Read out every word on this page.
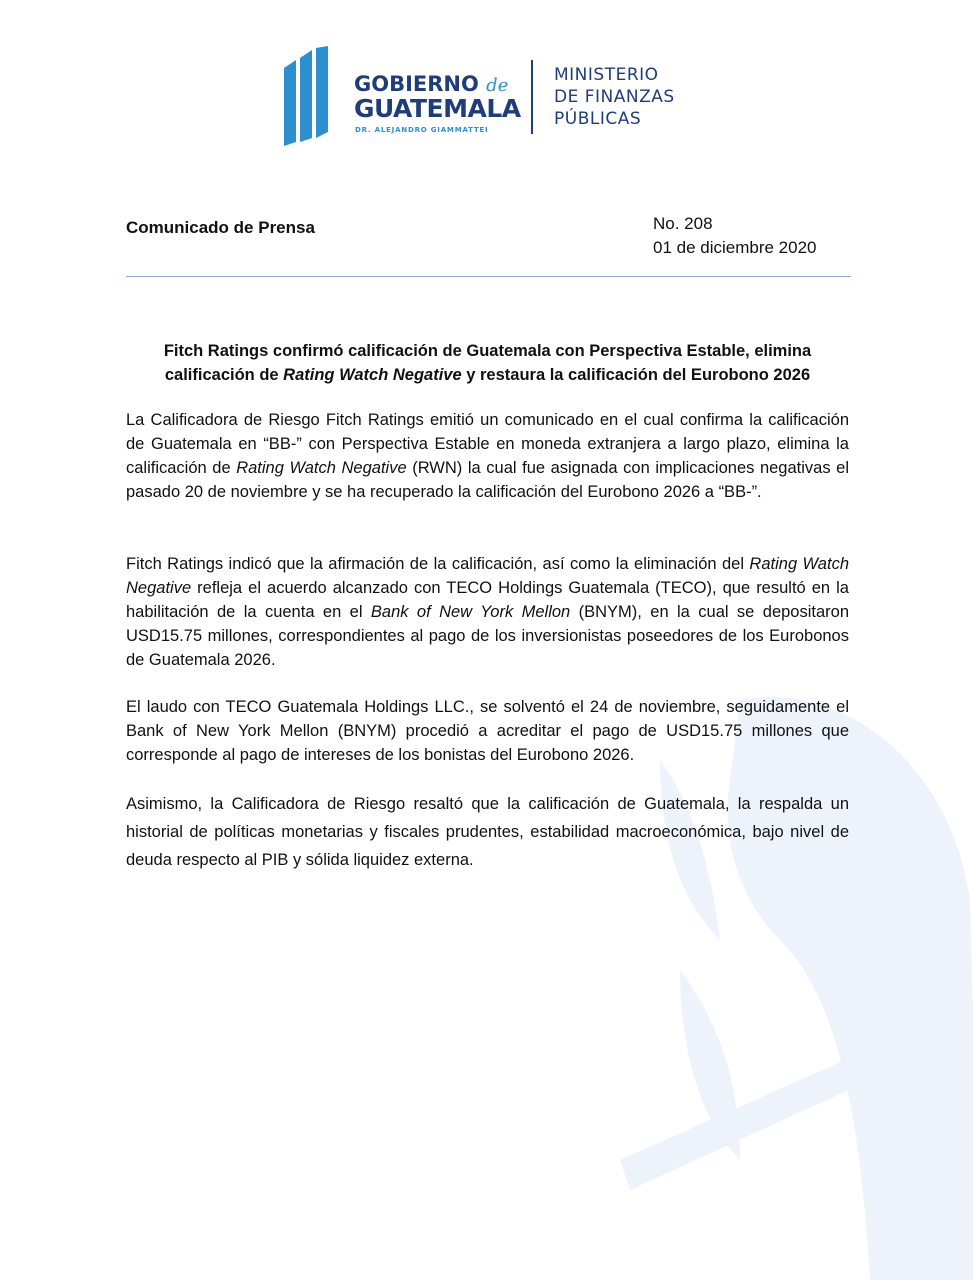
GOBIERNO de
GUATEMALA
DR. ALEJANDRO GIAMMATTEI
MINISTERIO
DE FINANZAS
PÚBLICAS
Comunicado de Prensa	No. 208
01 de diciembre 2020
Fitch Ratings confirmó calificación de Guatemala con Perspectiva Estable, elimina calificación de Rating Watch Negative y restaura la calificación del Eurobono 2026
La Calificadora de Riesgo Fitch Ratings emitió un comunicado en el cual confirma la calificación de Guatemala en “BB-” con Perspectiva Estable en moneda extranjera a largo plazo, elimina la calificación de Rating Watch Negative (RWN) la cual fue asignada con implicaciones negativas el pasado 20 de noviembre y se ha recuperado la calificación del Eurobono 2026 a “BB-”.
Fitch Ratings indicó que la afirmación de la calificación, así como la eliminación del Rating Watch Negative refleja el acuerdo alcanzado con TECO Holdings Guatemala (TECO), que resultó en la habilitación de la cuenta en el Bank of New York Mellon (BNYM), en la cual se depositaron USD15.75 millones, correspondientes al pago de los inversionistas poseedores de los Eurobonos de Guatemala 2026.
El laudo con TECO Guatemala Holdings LLC., se solventó el 24 de noviembre, seguidamente el Bank of New York Mellon (BNYM) procedió a acreditar el pago de USD15.75 millones que corresponde al pago de intereses de los bonistas del Eurobono 2026.
Asimismo, la Calificadora de Riesgo resaltó que la calificación de Guatemala, la respalda un historial de políticas monetarias y fiscales prudentes, estabilidad macroeconómica, bajo nivel de deuda respecto al PIB y sólida liquidez externa.
